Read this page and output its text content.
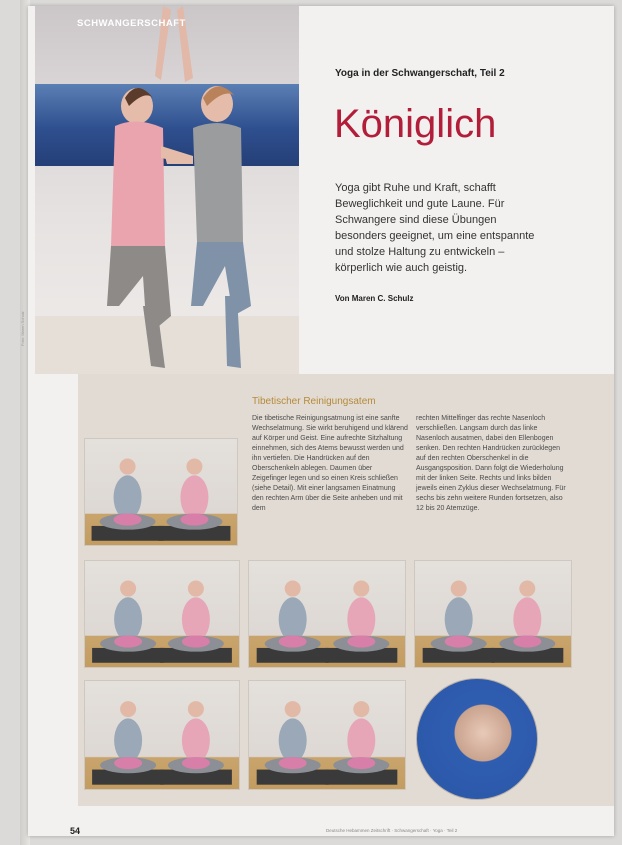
SCHWANGERSCHAFT
Foto: Maren Schulz
Yoga in der Schwangerschaft, Teil 2
Königlich
Yoga gibt Ruhe und Kraft, schafft Beweglichkeit und gute Laune. Für Schwangere sind diese Übungen besonders geeignet, um eine entspannte und stolze Haltung zu entwickeln – körperlich wie auch geistig.
Von Maren C. Schulz
Tibetischer Reinigungsatem
Die tibetische Reinigungsatmung ist eine sanfte Wechselatmung. Sie wirkt beruhigend und klärend auf Körper und Geist. Eine aufrechte Sitzhaltung einnehmen, sich des Atems bewusst werden und ihn vertiefen. Die Handrücken auf den Oberschenkeln ablegen. Daumen über Zeigefinger legen und so einen Kreis schließen (siehe Detail). Mit einer langsamen Einatmung den rechten Arm über die Seite anheben und mit dem
rechten Mittelfinger das rechte Nasenloch verschließen. Langsam durch das linke Nasenloch ausatmen, dabei den Ellenbogen senken. Den rechten Handrücken zurücklegen auf den rechten Oberschenkel in die Ausgangsposition. Dann folgt die Wiederholung mit der linken Seite. Rechts und links bilden jeweils einen Zyklus dieser Wechselatmung. Für sechs bis zehn weitere Runden fortsetzen, also 12 bis 20 Atemzüge.
54	Deutsche Hebammen Zeitschrift · Schwangerschaft · Yoga · Teil 2
